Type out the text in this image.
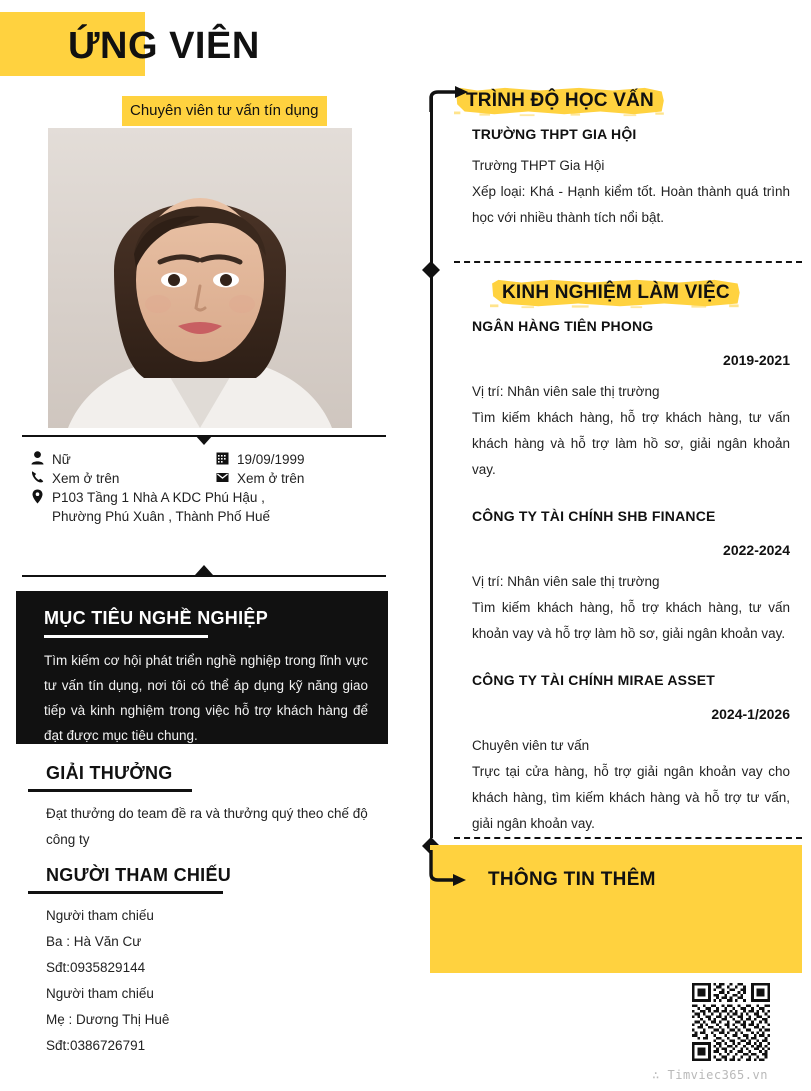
ỨNG VIÊN
Chuyên viên tư vấn tín dụng
Nữ	19/09/1999
Xem ở trên	Xem ở trên
P103 Tầng 1 Nhà A KDC Phú Hậu ,
Phường Phú Xuân , Thành Phố Huế
MỤC TIÊU NGHỀ NGHIỆP

Tìm kiếm cơ hội phát triển nghề nghiệp trong lĩnh vực tư vấn tín dụng, nơi tôi có thể áp dụng kỹ năng giao tiếp và kinh nghiệm trong việc hỗ trợ khách hàng để đạt được mục tiêu chung.

GIẢI THƯỞNG

Đạt thưởng do team đề ra và thưởng quý theo chế độ công ty

NGƯỜI THAM CHIẾU
Người tham chiếu
Ba : Hà Văn Cư
Sđt:0935829144
Người tham chiếu
Mẹ : Dương Thị Huê
Sđt:0386726791
TRÌNH ĐỘ HỌC VẤN
TRƯỜNG THPT GIA HỘI
Trường THPT Gia Hội
Xếp loại: Khá - Hạnh kiểm tốt. Hoàn thành quá trình học với nhiều thành tích nổi bật.
KINH NGHIỆM LÀM VIỆC
NGÂN HÀNG TIÊN PHONG
2019-2021
Vị trí: Nhân viên sale thị trường
Tìm kiếm khách hàng, hỗ trợ khách hàng, tư vấn khách hàng và hỗ trợ làm hồ sơ, giải ngân khoản vay.
CÔNG TY TÀI CHÍNH SHB FINANCE
2022-2024
Vị trí: Nhân viên sale thị trường
Tìm kiếm khách hàng, hỗ trợ khách hàng, tư vấn khoản vay và hỗ trợ làm hồ sơ, giải ngân khoản vay.
CÔNG TY TÀI CHÍNH MIRAE ASSET
2024-1/2026
Chuyên viên tư vấn
Trực tại cửa hàng, hỗ trợ giải ngân khoản vay cho khách hàng, tìm kiếm khách hàng và hỗ trợ tư vấn, giải ngân khoản vay.
THÔNG TIN THÊM
∴ Timviec365.vn
